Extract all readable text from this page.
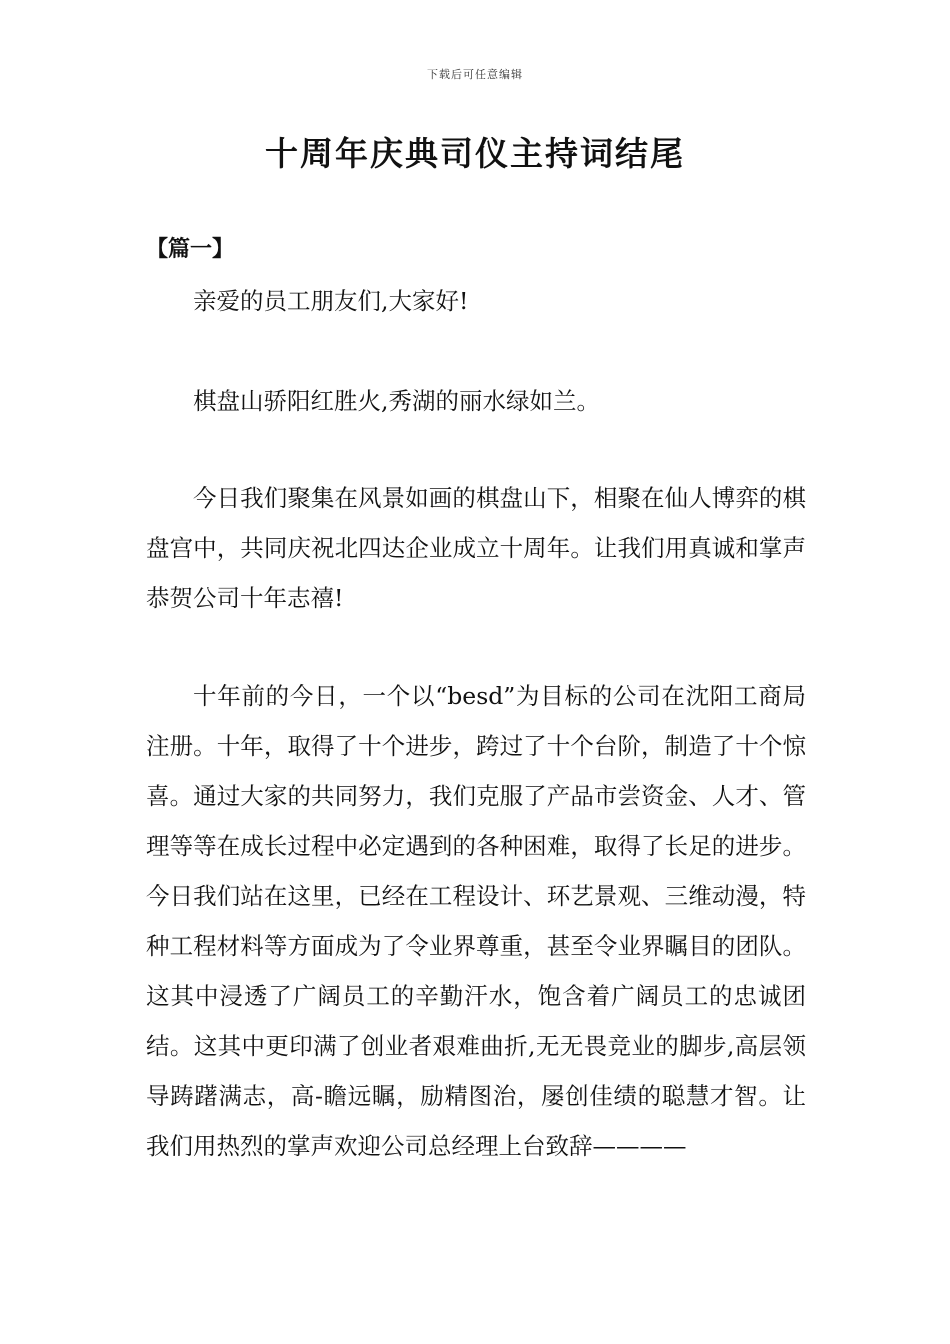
下载后可任意编辑
十周年庆典司仪主持词结尾
【篇一】

亲爱的员工朋友们,大家好!

棋盘山骄阳红胜火,秀湖的丽水绿如兰。

今日我们聚集在风景如画的棋盘山下，相聚在仙人博弈的棋盘宫中，共同庆祝北四达企业成立十周年。让我们用真诚和掌声恭贺公司十年志禧!

十年前的今日，一个以“besd”为目标的公司在沈阳工商局注册。十年，取得了十个进步，跨过了十个台阶，制造了十个惊喜。通过大家的共同努力，我们克服了产品市尝资金、人才、管理等等在成长过程中必定遇到的各种困难，取得了长足的进步。今日我们站在这里，已经在工程设计、环艺景观、三维动漫，特种工程材料等方面成为了令业界尊重，甚至令业界瞩目的团队。这其中浸透了广阔员工的辛勤汗水，饱含着广阔员工的忠诚团结。这其中更印满了创业者艰难曲折,无无畏竞业的脚步,高层领导踌躇满志，高-瞻远瞩，励精图治，屡创佳绩的聪慧才智。让我们用热烈的掌声欢迎公司总经理上台致辞————
